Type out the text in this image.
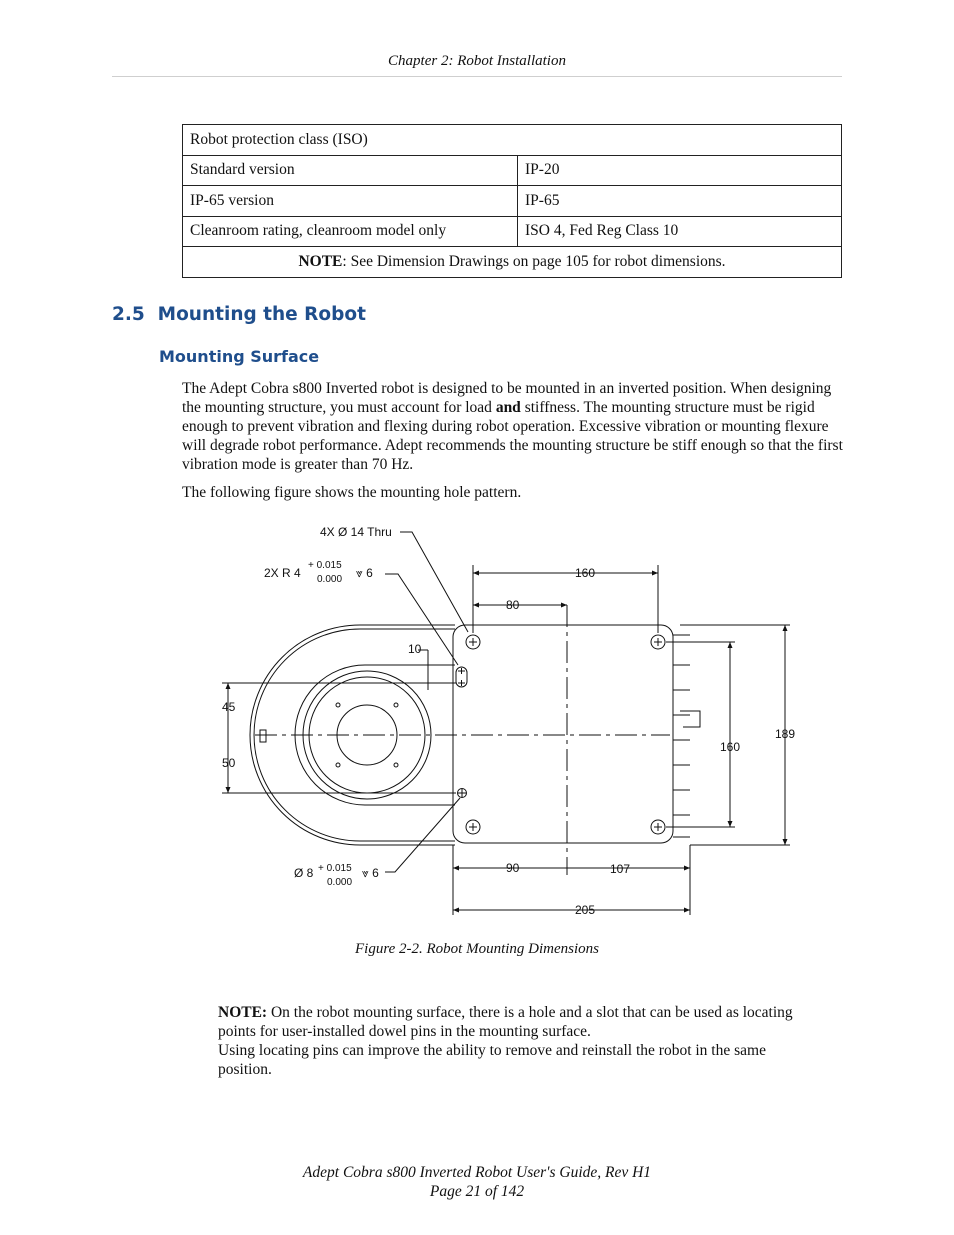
Chapter 2: Robot Installation
Robot protection class (ISO)	
Standard version	IP-20
IP-65 version	IP-65
Cleanroom rating, cleanroom model only	ISO 4, Fed Reg Class 10
NOTE: See Dimension Drawings on page 105 for robot dimensions.	
2.5 Mounting the Robot
Mounting Surface

The Adept Cobra s800 Inverted robot is designed to be mounted in an inverted position. When designing the mounting structure, you must account for load and stiffness. The mounting structure must be rigid enough to prevent vibration and flexing during robot operation. Excessive vibration or mounting flexure will degrade robot performance. Adept recommends the mounting structure be stiff enough so that the first vibration mode is greater than 70 Hz.

The following figure shows the mounting hole pattern.

4X Ø 14 Thru
2X R 4
+ 0.015
0.000 ⩔ 6	160
80
10
45
50
160
189
Ø 8 + 0.015
0.000
⩔ 6	90	107
205
Figure 2-2. Robot Mounting Dimensions

NOTE: On the robot mounting surface, there is a hole and a slot that can be used as locating points for user-installed dowel pins in the mounting surface.
Using locating pins can improve the ability to remove and reinstall the robot in the same position.

Adept Cobra s800 Inverted Robot User's Guide, Rev H1
Page 21 of 142
